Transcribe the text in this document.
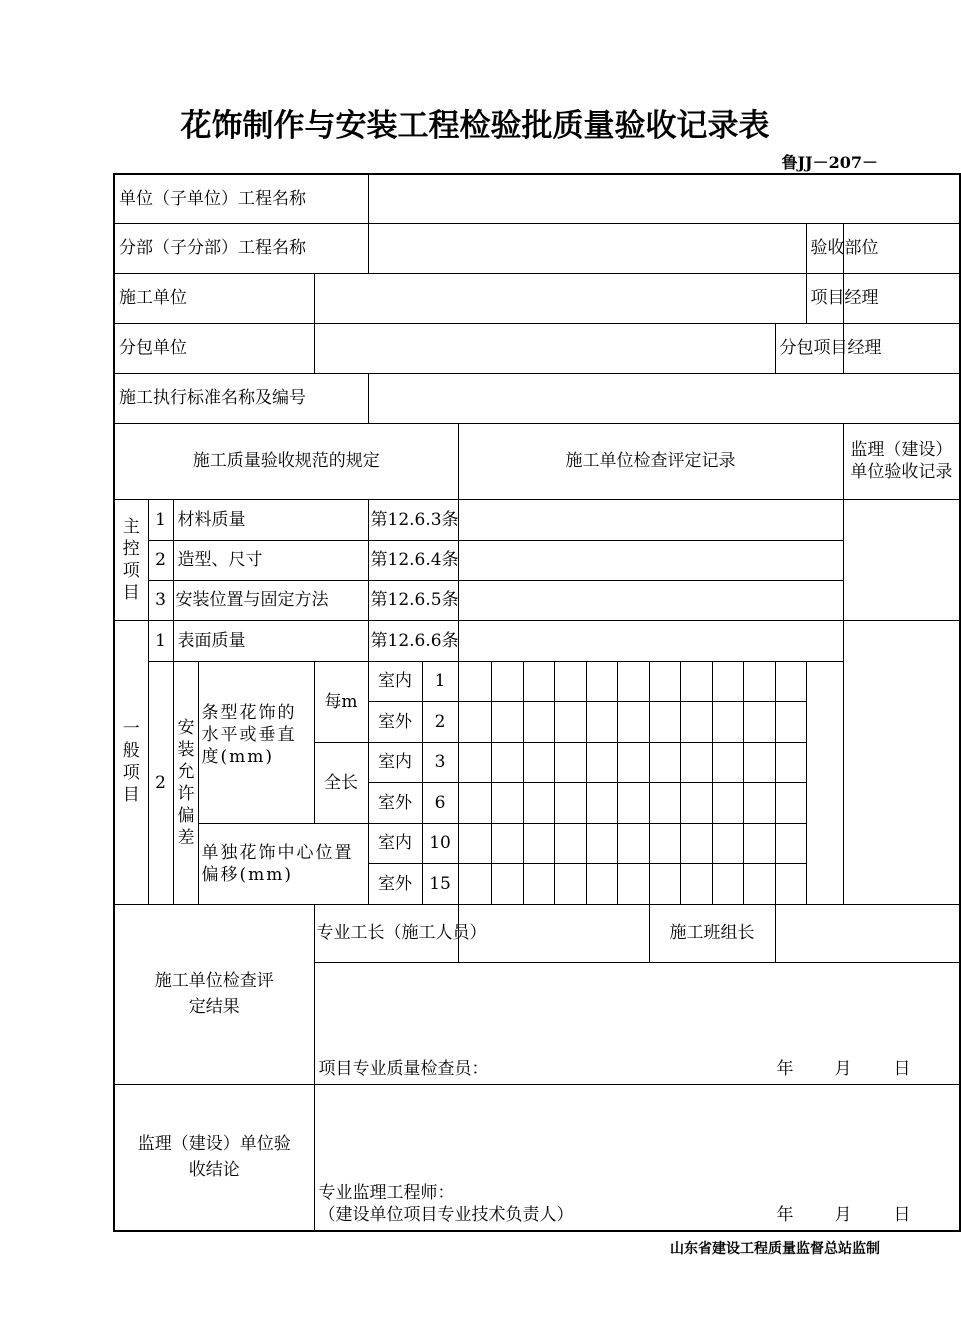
花饰制作与安装工程检验批质量验收记录表
鲁JJ－207－
单位（子单位）工程名称																			
分部（子分部）工程名称																		验收部位	
施工单位																		项目经理	
分包单位																	分包项目经理		
施工执行标准名称及编号																			
施工质量验收规范的规定							施工单位检查评定记录												监理（建设）单位验收记录
主控项目	1	材料质量			第12.6.3条														
	2	造型、尺寸			第12.6.4条														
	3	安装位置与固定方法			第12.6.5条														
一般项目	1	表面质量			第12.6.6条														
	2	安装允许偏差	条型花饰的水平或垂直度(mm)	每m	室内	1													
					室外	2													
				全长	室内	3													
					室外	6													
			单独花饰中心位置偏移(mm)		室内	10													
					室外	15													

施工单位检查评定结果				专业工长（施工人员）									施工班组长						

				项目专业质量检查员： 年 月 日															

监理（建设）单位验收结论				专业监理工程师：
（建设单位项目专业技术负责人） 年 月 日															
山东省建设工程质量监督总站监制
